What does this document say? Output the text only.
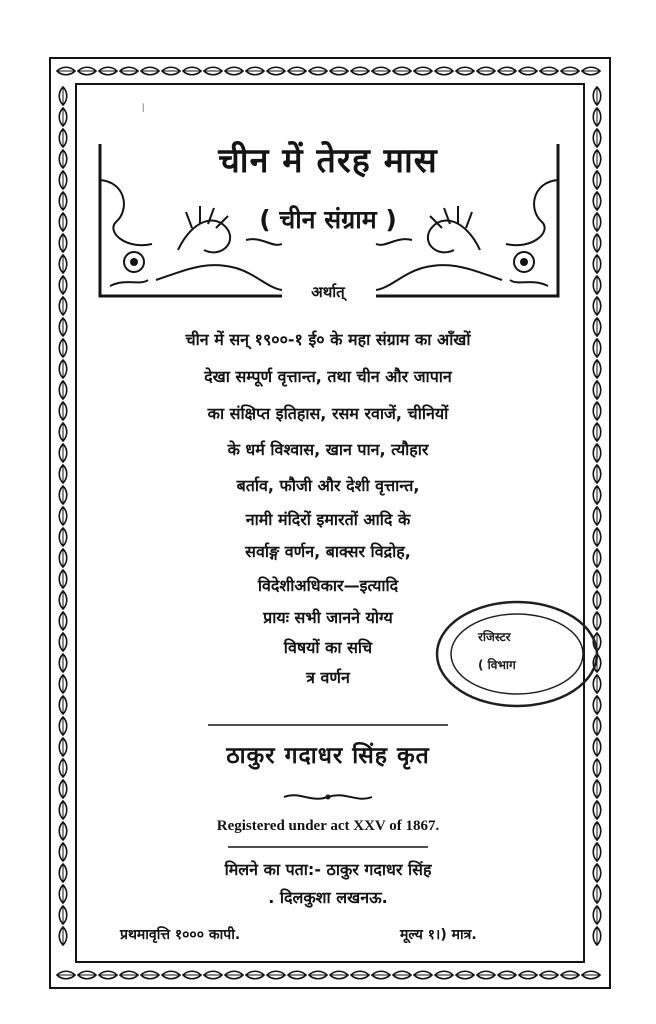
।
चीन में तेरह मास
( चीन संग्राम )
अर्थात्
चीन में सन् १९००-१ ई० के महा संग्राम का आँखों
देखा सम्पूर्ण वृत्तान्त, तथा चीन और जापान
का संक्षिप्त इतिहास, रसम रवाजें, चीनियों
के धर्म विश्वास, खान पान, त्यौहार
बर्ताव, फौजी और देशी वृत्तान्त,
नामी मंदिरों इमारतों आदि के
सर्वाङ्ग वर्णन, बाक्सर विद्रोह,
विदेशीअधिकार—इत्यादि
प्रायः सभी जानने योग्य
विषयों का सचि
त्र वर्णन
रजिस्टर
( विभाग
ठाकुर गदाधर सिंह कृत
Registered under act XXV of 1867.
मिलने का पता:- ठाकुर गदाधर सिंह
. दिलकुशा लखनऊ.
प्रथमावृत्ति १००० कापी.	मूल्य १।) मात्र.
